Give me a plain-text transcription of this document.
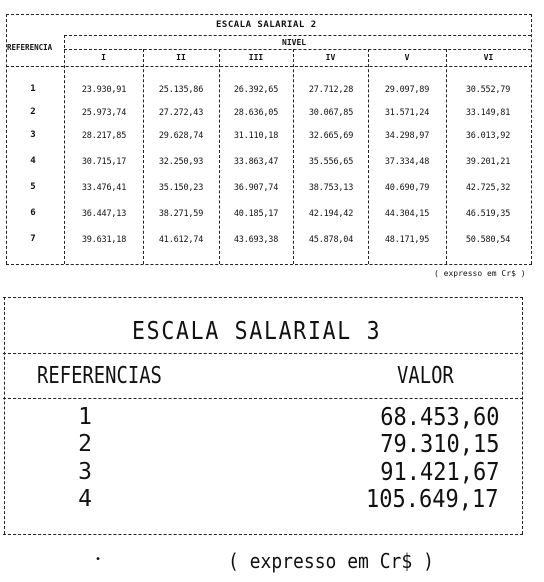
ESCALA SALARIAL 2
NIVEL
REFERENCIA
I	II	III	IV	V	VI
1	23.930,91	25.135,86	26.392,65	27.712,28	29.097,89	30.552,79
2	25.973,74	27.272,43	28.636,05	30.067,85	31.571,24	33.149,81
3	28.217,85	29.628,74	31.110,18	32.665,69	34.298,97	36.013,92
4	30.715,17	32.250,93	33.863,47	35.556,65	37.334,48	39.201,21
5	33.476,41	35.150,23	36.907,74	38.753,13	40.690,79	42.725,32
6	36.447,13	38.271,59	40.185,17	42.194,42	44.304,15	46.519,35
7	39.631,18	41.612,74	43.693,38	45.878,04	48.171,95	50.580,54
( expresso em Cr$ )
ESCALA SALARIAL 3
REFERENCIAS	VALOR
1	68.453,60
2	79.310,15
3	91.421,67
4	105.649,17
•	( expresso em Cr$ )
